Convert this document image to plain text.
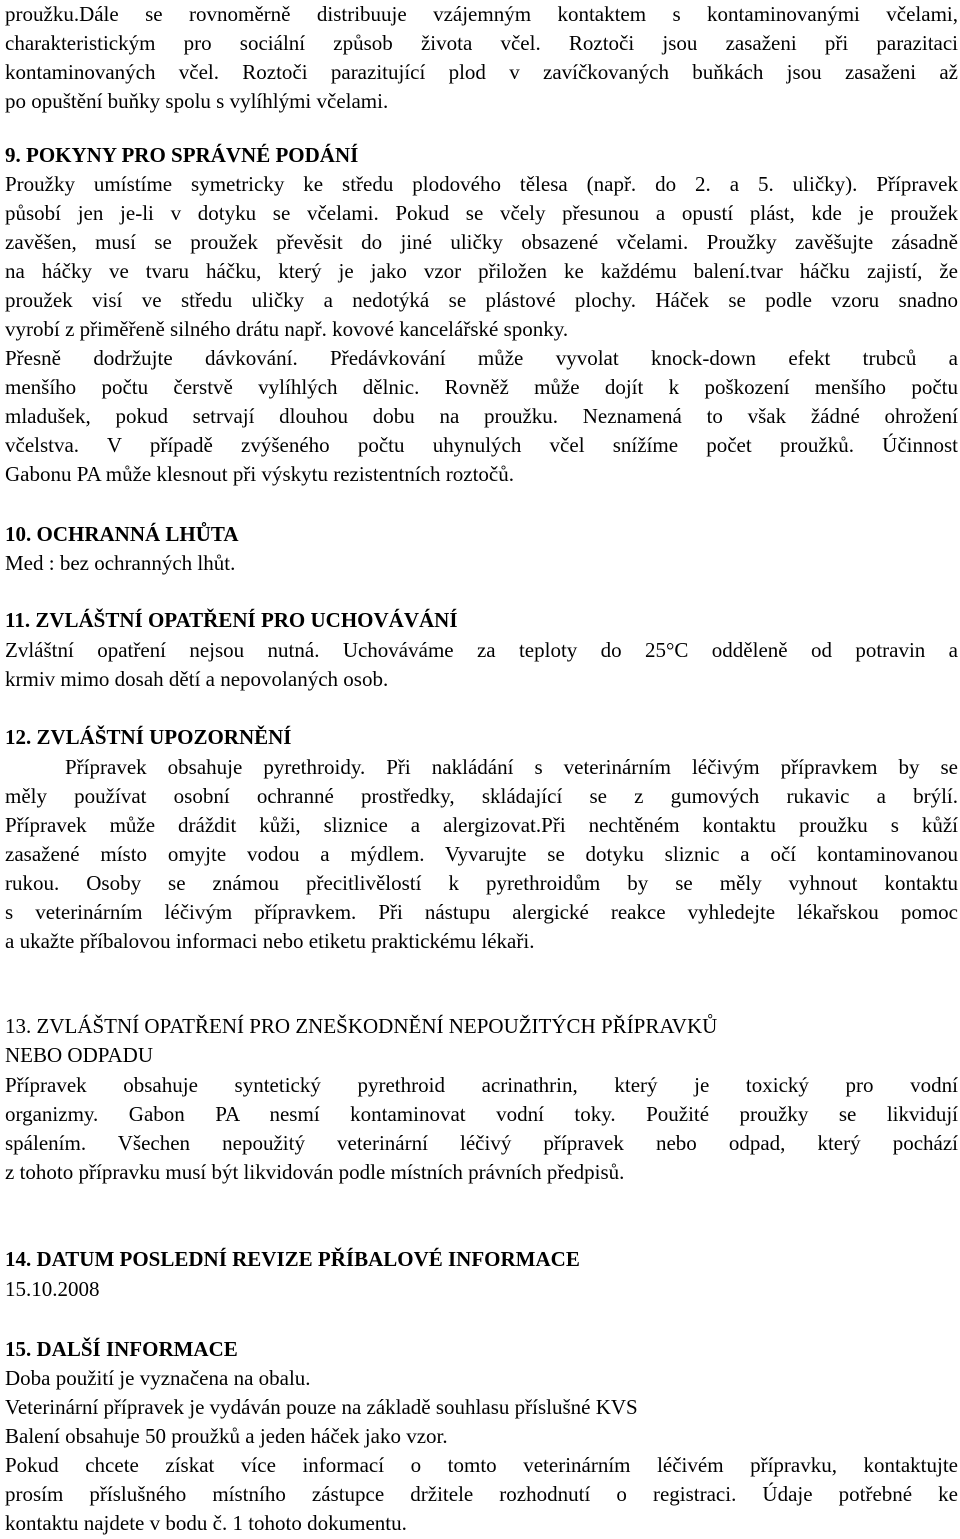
proužku.Dále se rovnoměrně distribuuje vzájemným kontaktem s kontaminovanými včelami,
charakteristickým pro sociální způsob života včel. Roztoči jsou zasaženi při parazitaci
kontaminovaných včel. Roztoči parazitující plod v zavíčkovaných buňkách jsou zasaženi až
po opuštění buňky spolu s vylíhlými včelami.
9. POKYNY PRO SPRÁVNÉ PODÁNÍ
Proužky umístíme symetricky ke středu plodového tělesa (např. do 2. a 5. uličky). Přípravek
působí jen je-li v dotyku se včelami. Pokud se včely přesunou a opustí plást, kde je proužek
zavěšen, musí se proužek převěsit do jiné uličky obsazené včelami. Proužky zavěšujte zásadně
na háčky ve tvaru háčku, který je jako vzor přiložen ke každému balení.tvar háčku zajistí, že
proužek visí ve středu uličky a nedotýká se plástové plochy. Háček se podle vzoru snadno
vyrobí z přiměřeně silného drátu např. kovové kancelářské sponky.
Přesně dodržujte dávkování. Předávkování může vyvolat knock-down efekt trubců a
menšího počtu čerstvě vylíhlých dělnic. Rovněž může dojít k poškození menšího počtu
mladušek, pokud setrvají dlouhou dobu na proužku. Neznamená to však žádné ohrožení
včelstva. V případě zvýšeného počtu uhynulých včel snížíme počet proužků. Účinnost
Gabonu PA může klesnout při výskytu rezistentních roztočů.
10. OCHRANNÁ LHŮTA
Med : bez ochranných lhůt.
11. ZVLÁŠTNÍ OPATŘENÍ PRO UCHOVÁVÁNÍ
Zvláštní opatření nejsou nutná. Uchováváme za teploty do 25°C odděleně od potravin a
krmiv mimo dosah dětí a nepovolaných osob.
12. ZVLÁŠTNÍ UPOZORNĚNÍ
Přípravek obsahuje pyrethroidy. Při nakládání s veterinárním léčivým přípravkem by se
měly používat osobní ochranné prostředky, skládající se z gumových rukavic a brýlí.
Přípravek může dráždit kůži, sliznice a alergizovat.Při nechtěném kontaktu proužku s kůží
zasažené místo omyjte vodou a mýdlem. Vyvarujte se dotyku sliznic a očí kontaminovanou
rukou. Osoby se známou přecitlivělostí k pyrethroidům by se měly vyhnout kontaktu
s veterinárním léčivým přípravkem. Při nástupu alergické reakce vyhledejte lékařskou pomoc
a ukažte příbalovou informaci nebo etiketu praktickému lékaři.
13. ZVLÁŠTNÍ OPATŘENÍ PRO ZNEŠKODNĚNÍ NEPOUŽITÝCH PŘÍPRAVKŮ
NEBO ODPADU
Přípravek obsahuje syntetický pyrethroid acrinathrin, který je toxický pro vodní
organizmy. Gabon PA nesmí kontaminovat vodní toky. Použité proužky se likvidují
spálením. Všechen nepoužitý veterinární léčivý přípravek nebo odpad, který pochází
z tohoto přípravku musí být likvidován podle místních právních předpisů.
14. DATUM POSLEDNÍ REVIZE PŘÍBALOVÉ INFORMACE
15.10.2008
15. DALŠÍ INFORMACE
Doba použití je vyznačena na obalu.
Veterinární přípravek je vydáván pouze na základě souhlasu příslušné KVS
Balení obsahuje 50 proužků a jeden háček jako vzor.
Pokud chcete získat více informací o tomto veterinárním léčivém přípravku, kontaktujte
prosím příslušného místního zástupce držitele rozhodnutí o registraci. Údaje potřebné ke
kontaktu najdete v bodu č. 1 tohoto dokumentu.
